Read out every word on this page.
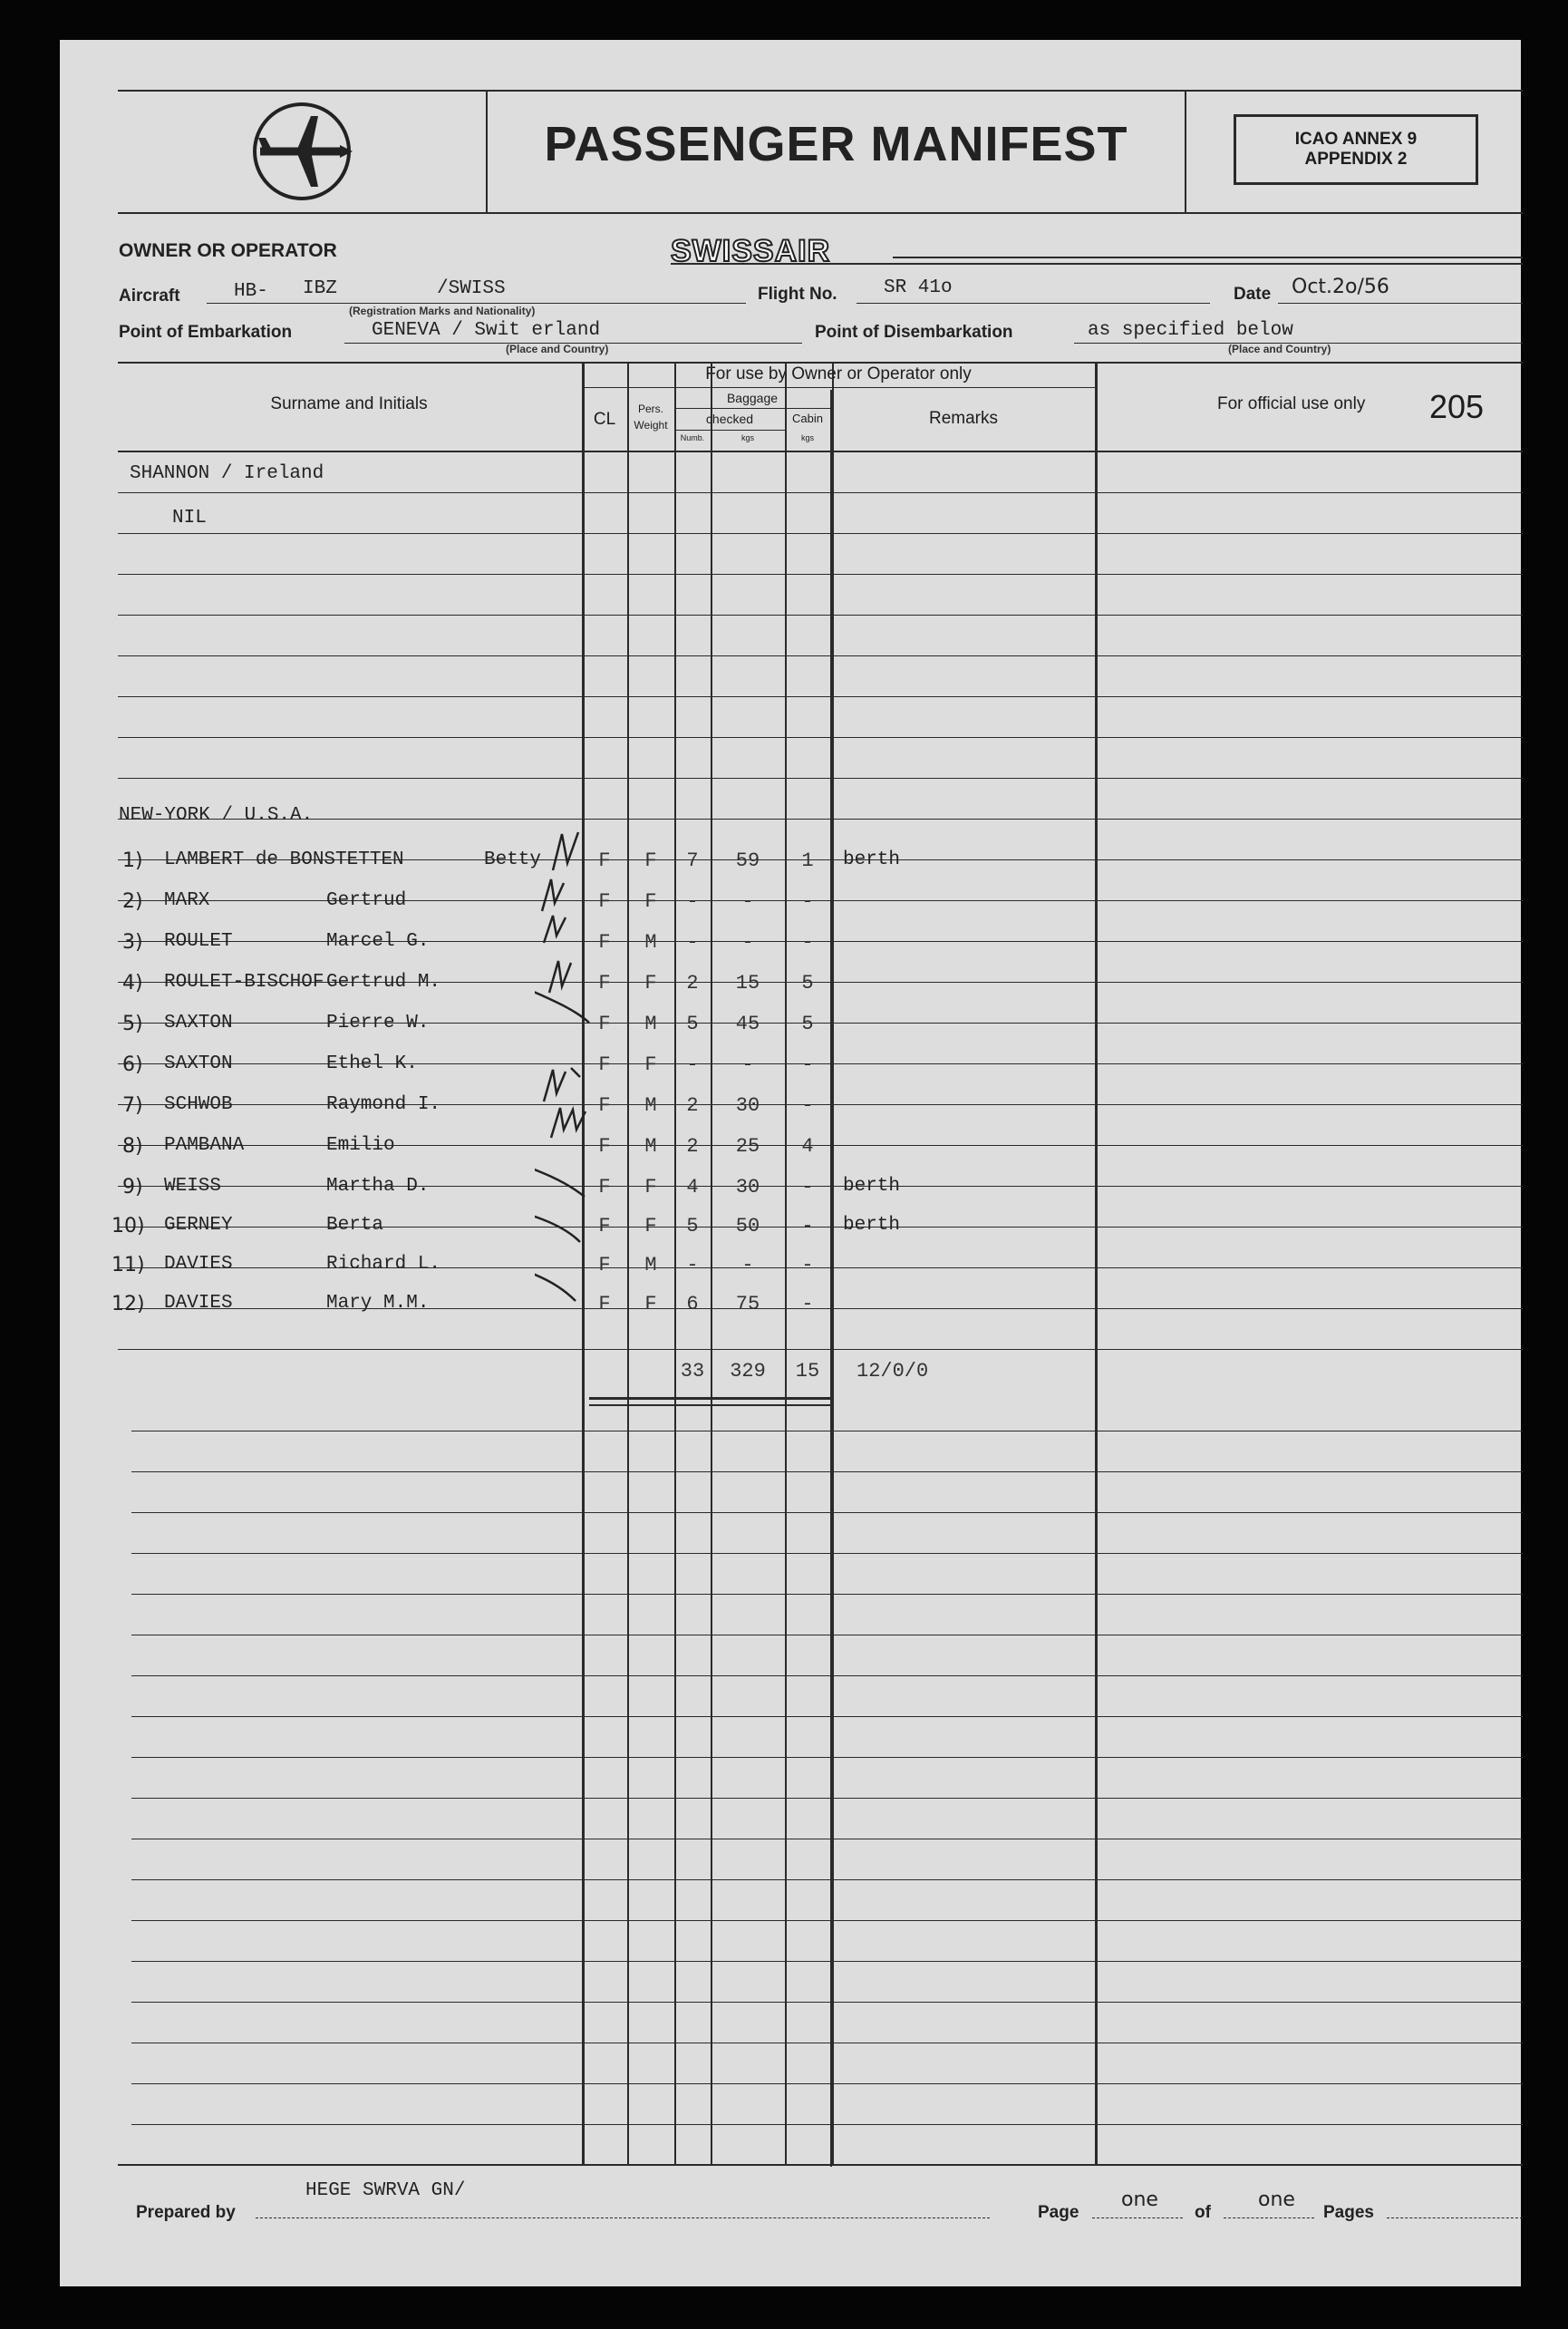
PASSENGER MANIFEST	ICAO ANNEX 9
APPENDIX 2
OWNER OR OPERATOR	SWISSAIR
Aircraft	HB- IBZ	/SWISS
(Registration Marks and Nationality)
Flight No. SR 41o	Date Oct.2o/56
Point of Embarkation	GENEVA / Swit erland
(Place and Country)
Point of Disembarkation	as specified below
(Place and Country)
Surname and Initials
For use by Owner or Operator only
CL
Pers.
Weight
Baggage
checked	Cabin
Numb.	kgs	kgs
Remarks
For official use only 205
SHANNON / Ireland
NIL
NEW-YORK / U.S.A.
1) LAMBERT de BONSTETTEN	Betty	F	F	7	59	1	berth
2) MARX	Gertrud	F	F	-	-	-
3) ROULET	Marcel G.	F	M	-	-	-
4) ROULET-BISCHOF Gertrud M.	F	F	2	15	5
5) SAXTON	Pierre W.	F	M	5	45	5
6) SAXTON	Ethel K.	F	F	-	-	-
7) SCHWOB	Raymond I.	F	M	2	30	-
8) PAMBANA	Emilio	F	M	2	25	4
9) WEISS	Martha D.	F	F	4	30	-	berth
10) GERNEY	Berta	F	F	5	50	-	berth
11) DAVIES	Richard L.	F	M	-	-	-
12) DAVIES	Mary M.M.	F	F	6	75	-
33	329	15	12/0/0
Prepared by
HEGE SWRVA GN/
Page
one
of
one
Pages
